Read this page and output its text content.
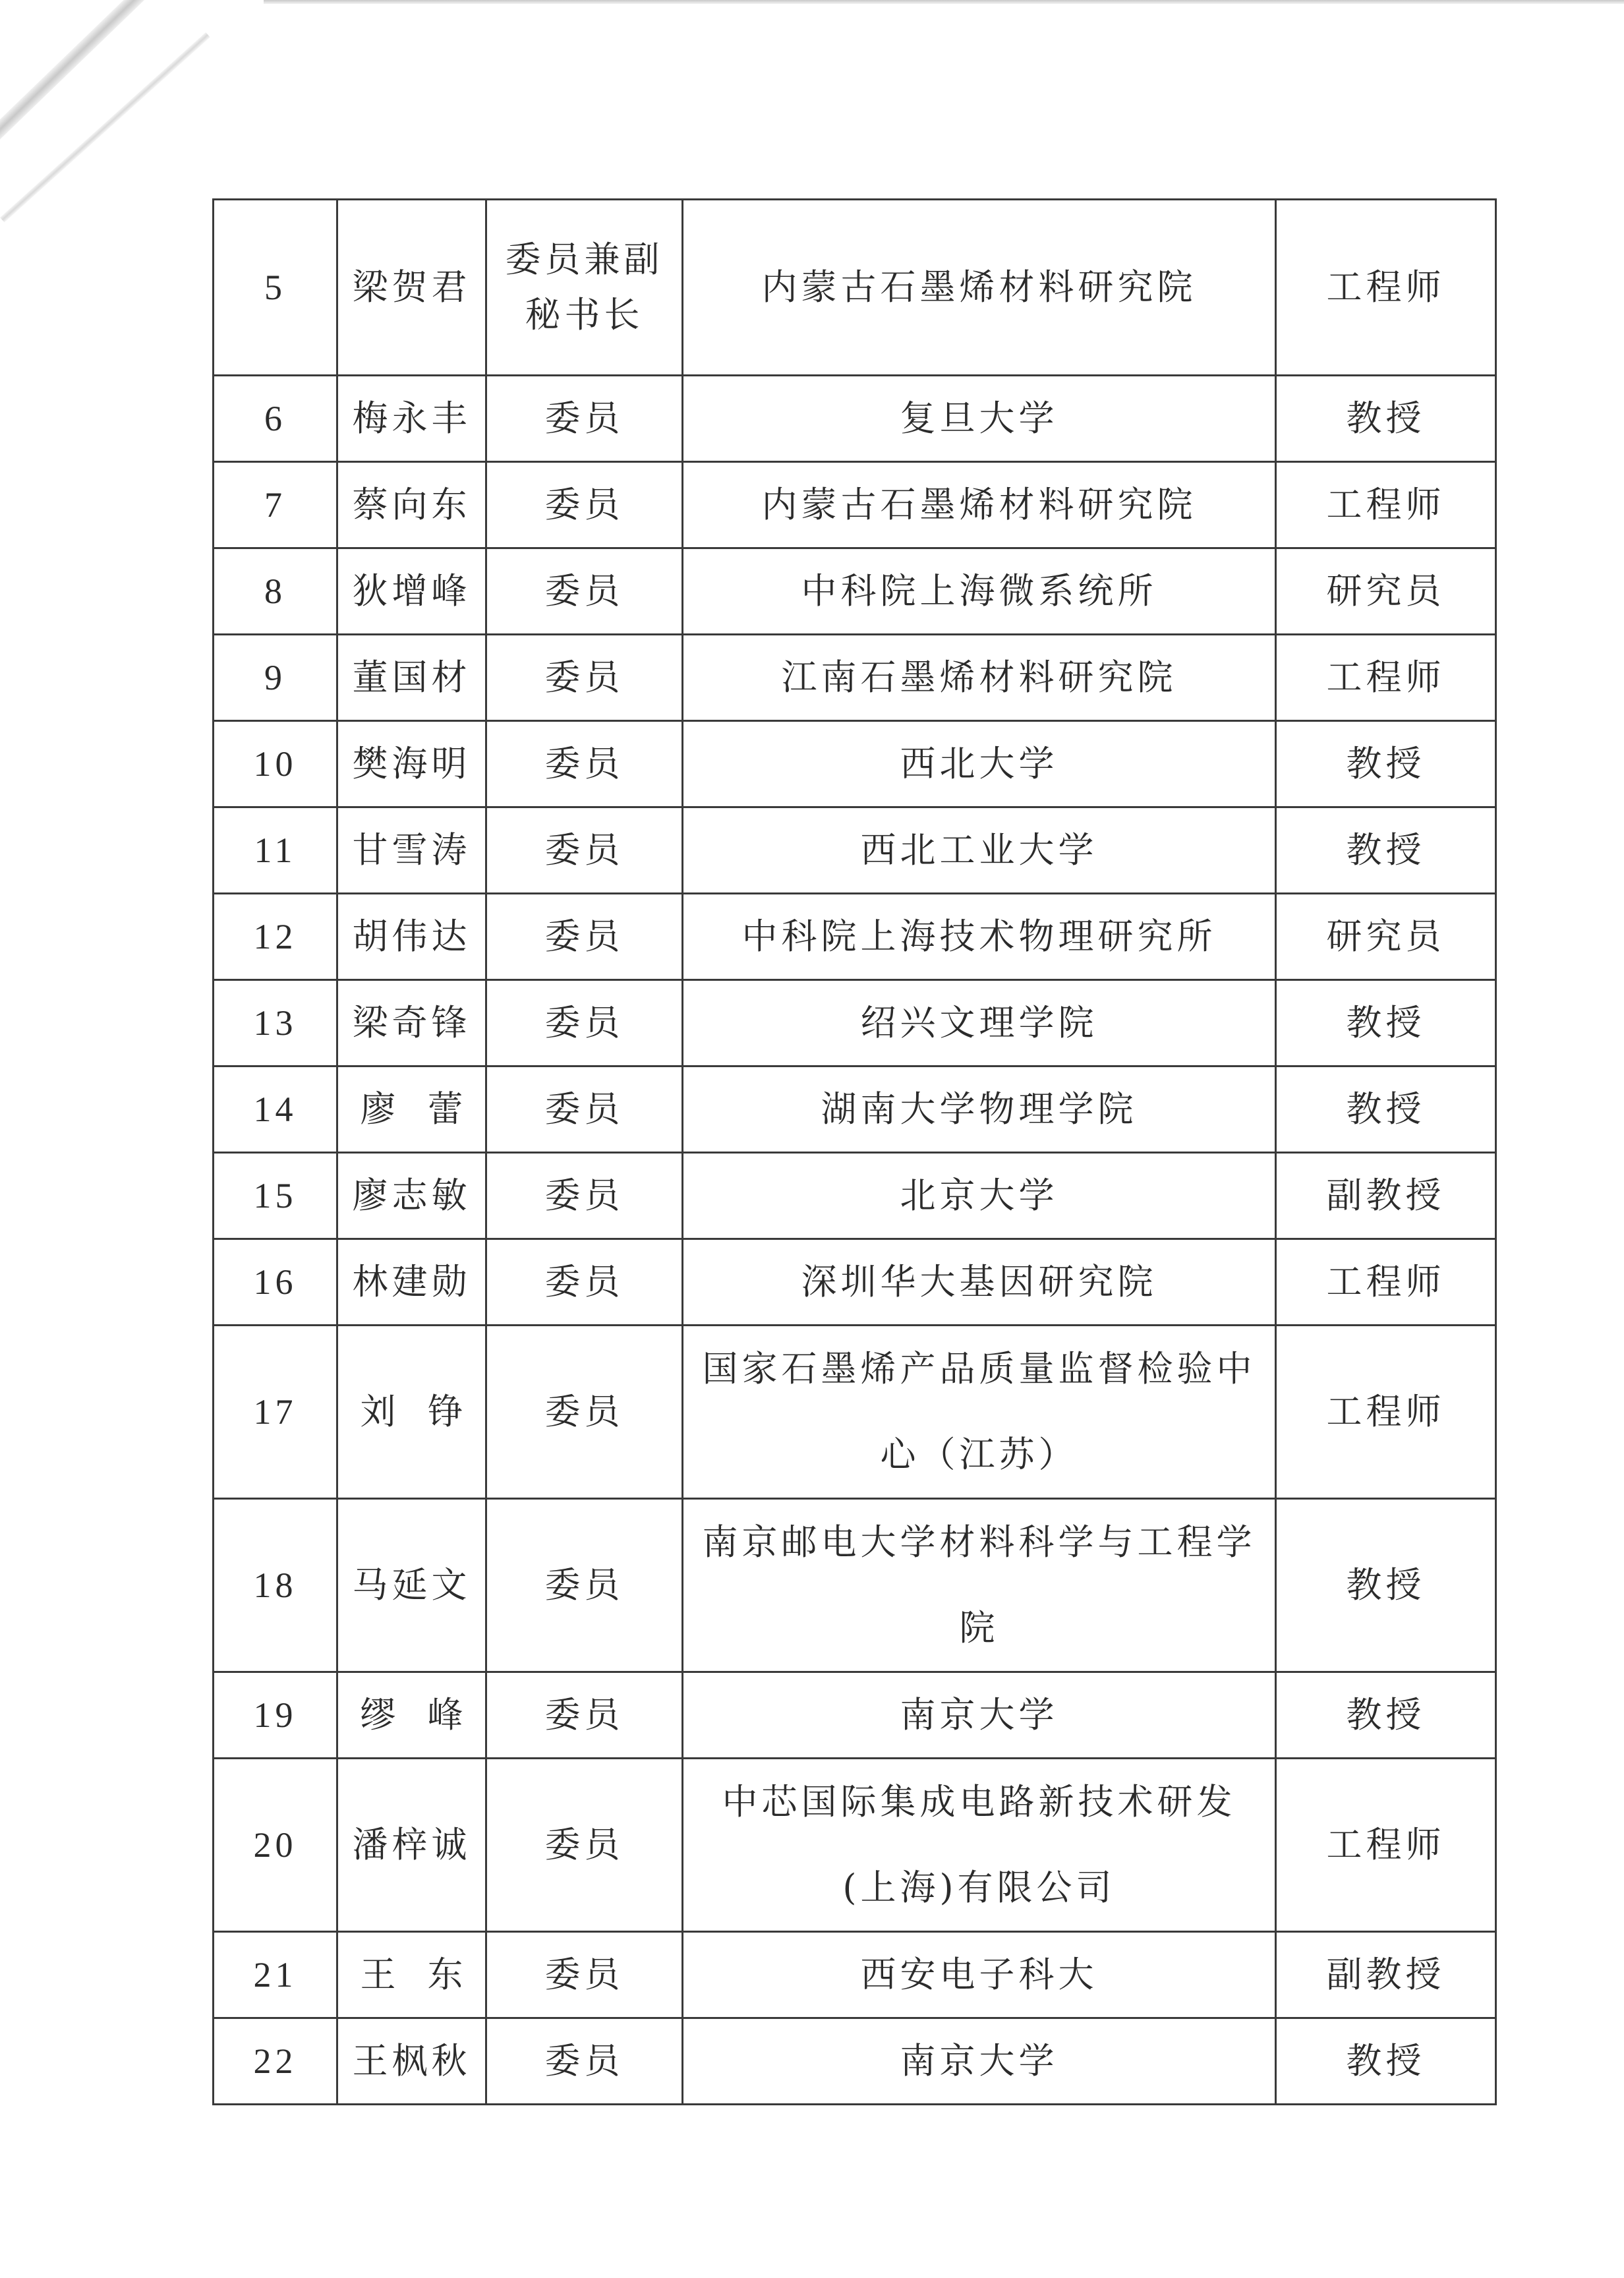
5	梁贺君	委员兼副秘书长	内蒙古石墨烯材料研究院	工程师
6	梅永丰	委员	复旦大学	教授
7	蔡向东	委员	内蒙古石墨烯材料研究院	工程师
8	狄增峰	委员	中科院上海微系统所	研究员
9	董国材	委员	江南石墨烯材料研究院	工程师
10	樊海明	委员	西北大学	教授
11	甘雪涛	委员	西北工业大学	教授
12	胡伟达	委员	中科院上海技术物理研究所	研究员
13	梁奇锋	委员	绍兴文理学院	教授
14	廖蕾	委员	湖南大学物理学院	教授
15	廖志敏	委员	北京大学	副教授
16	林建勋	委员	深圳华大基因研究院	工程师
17	刘铮	委员	国家石墨烯产品质量监督检验中心（江苏）	工程师
18	马延文	委员	南京邮电大学材料科学与工程学院	教授
19	缪峰	委员	南京大学	教授
20	潘梓诚	委员	中芯国际集成电路新技术研发(上海)有限公司	工程师
21	王东	委员	西安电子科大	副教授
22	王枫秋	委员	南京大学	教授
